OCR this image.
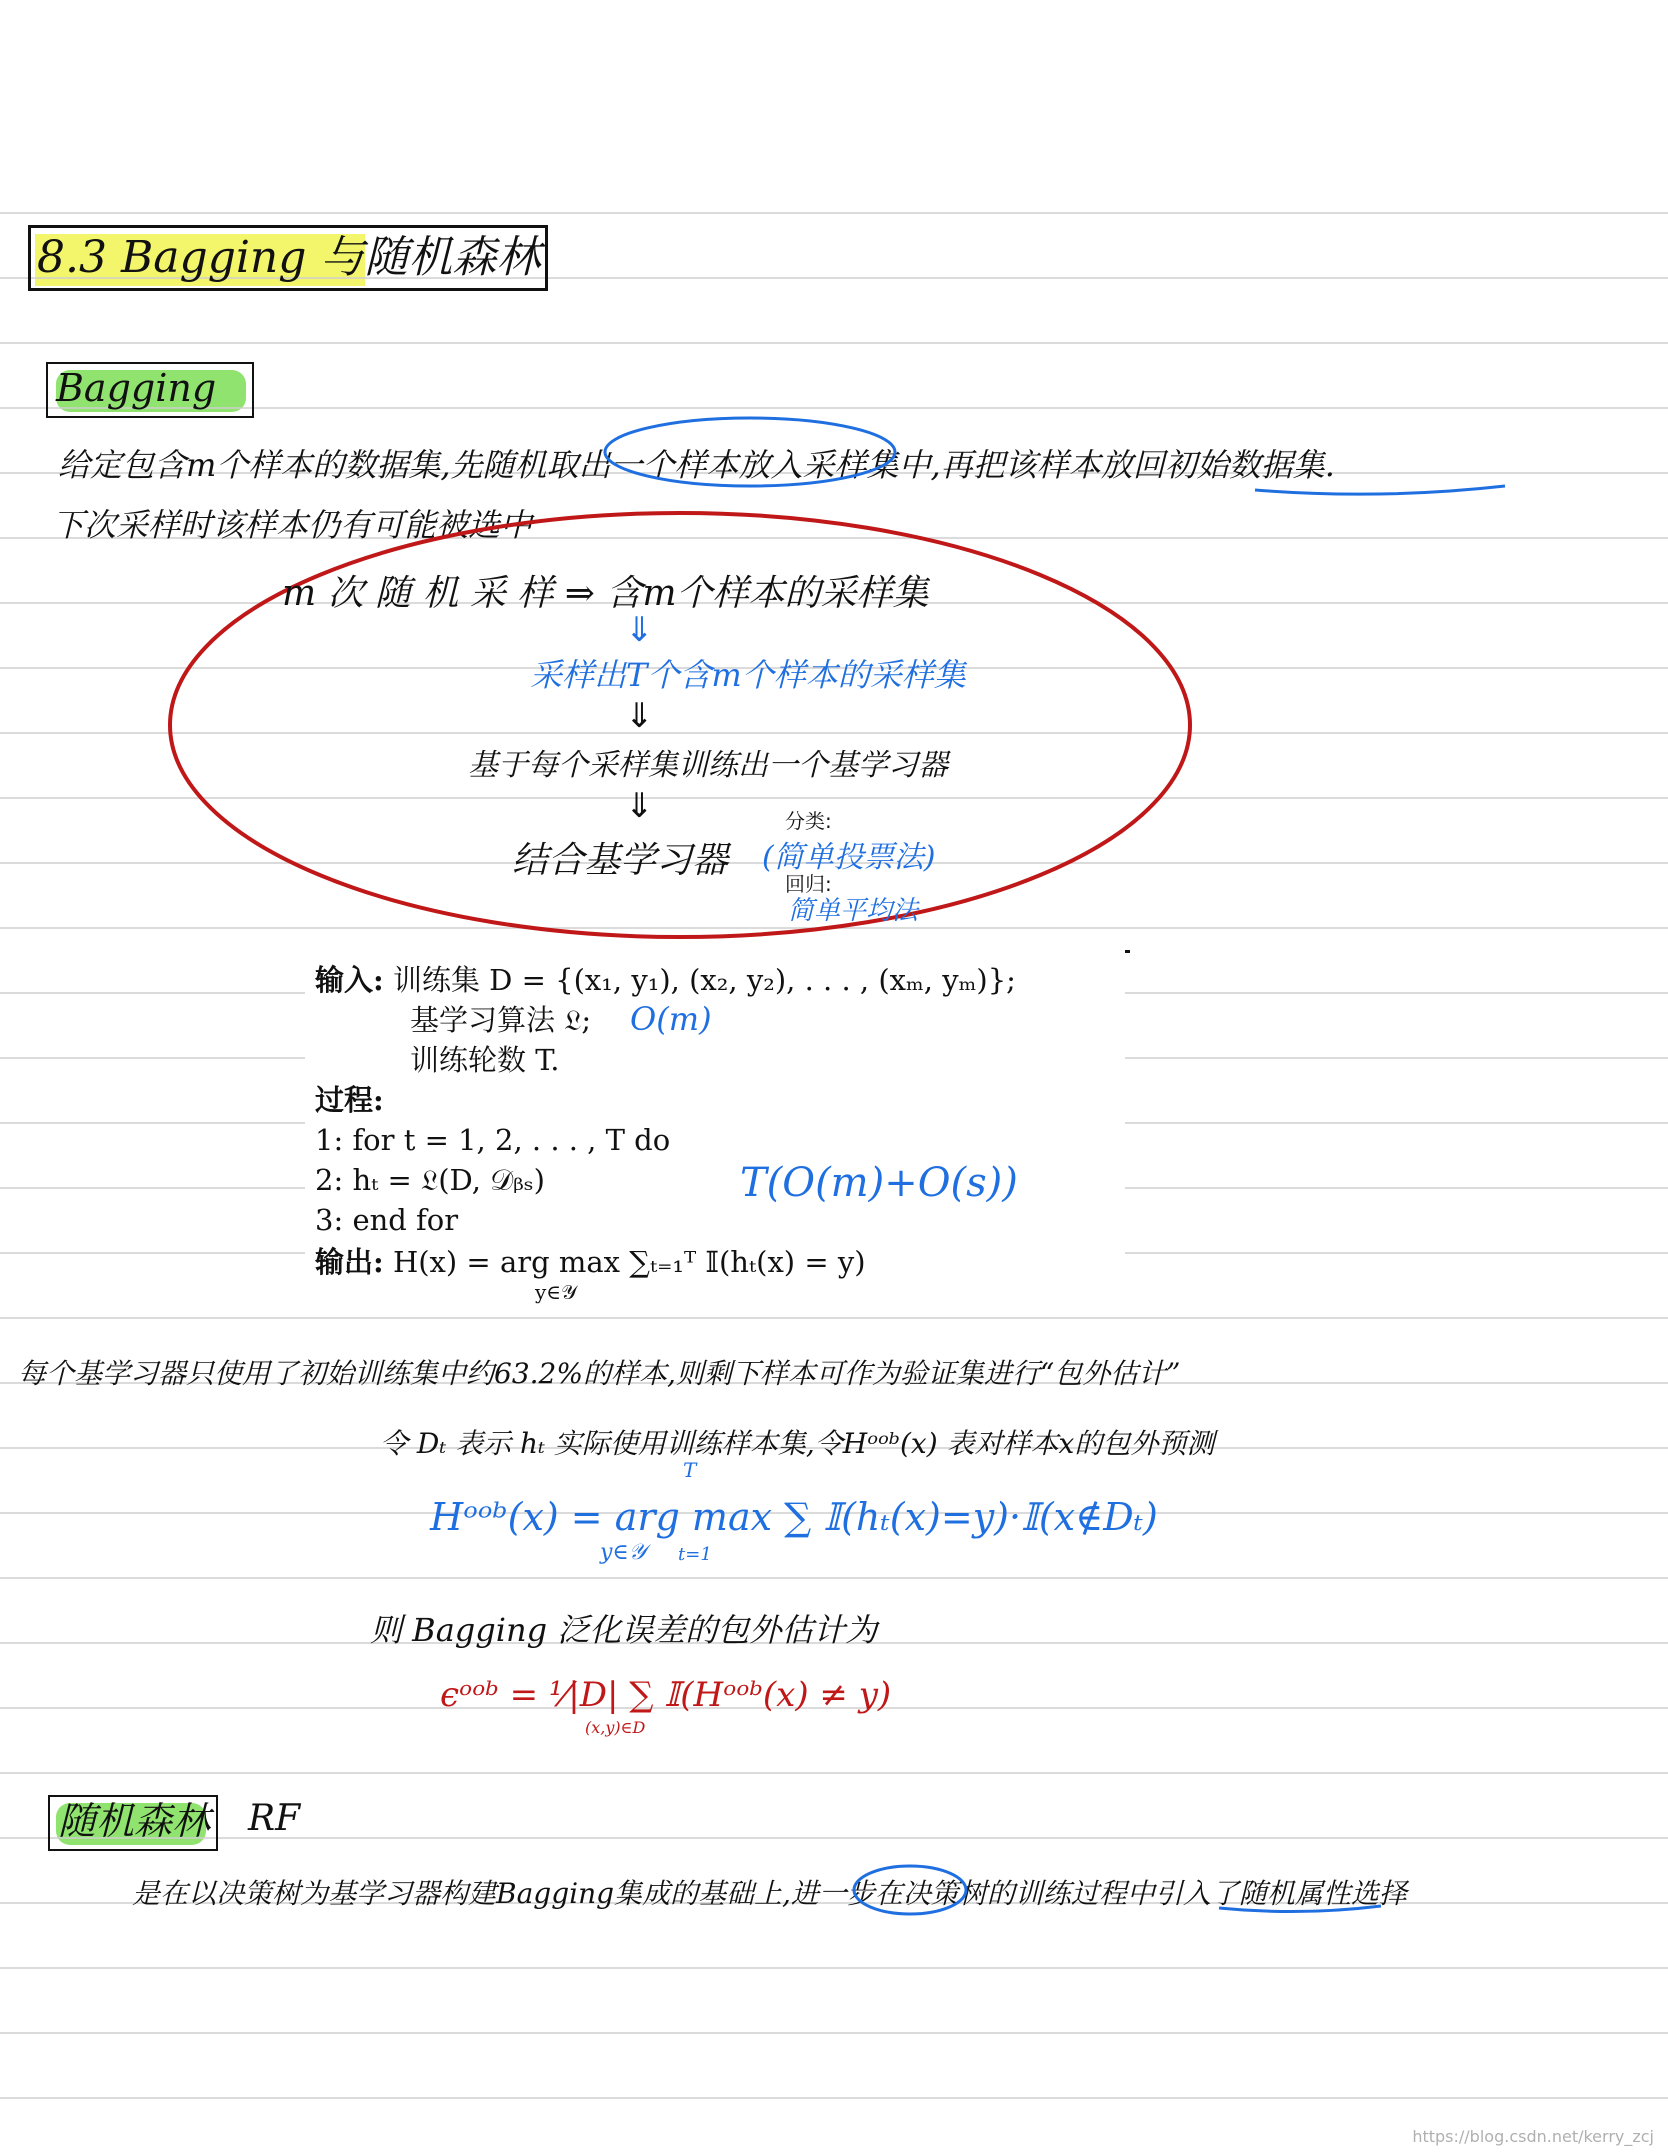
8.3 Bagging 与随机森林
Bagging
给定包含m个样本的数据集,先随机取出一个样本放入采样集中,再把该样本放回初始数据集.
下次采样时该样本仍有可能被选中
m 次 随 机 采 样 ⇒ 含m个样本的采样集
⇓
采样出T个含m个样本的采样集
⇓
基于每个采样集训练出一个基学习器
⇓
结合基学习器
分类:
(简单投票法)
回归:
简单平均法
输入: 训练集 D = {(x₁, y₁), (x₂, y₂), . . . , (xₘ, yₘ)};
基学习算法 𝔏;
训练轮数 T.
过程:
1: for t = 1, 2, . . . , T do
2: hₜ = 𝔏(D, 𝒟ᵦₛ)
3: end for
输出: H(x) = arg max ∑ₜ₌₁ᵀ 𝕀(hₜ(x) = y)
y∈𝒴
O(m)
T(O(m)+O(s))
每个基学习器只使用了初始训练集中约63.2%的样本,则剩下样本可作为验证集进行“包外估计”
令 Dₜ 表示 hₜ 实际使用训练样本集,令Hᵒᵒᵇ(x) 表对样本x的包外预测
Hᵒᵒᵇ(x) = arg max ∑ 𝕀(hₜ(x)=y)·𝕀(x∉Dₜ)
T
y∈𝒴 t=1
则 Bagging 泛化误差的包外估计为
ϵᵒᵒᵇ = ¹⁄|D| ∑ 𝕀(Hᵒᵒᵇ(x) ≠ y)
(x,y)∈D
随机森林 RF
是在以决策树为基学习器构建Bagging集成的基础上,进一步在决策树的训练过程中引入了随机属性选择
https://blog.csdn.net/kerry_zcj
